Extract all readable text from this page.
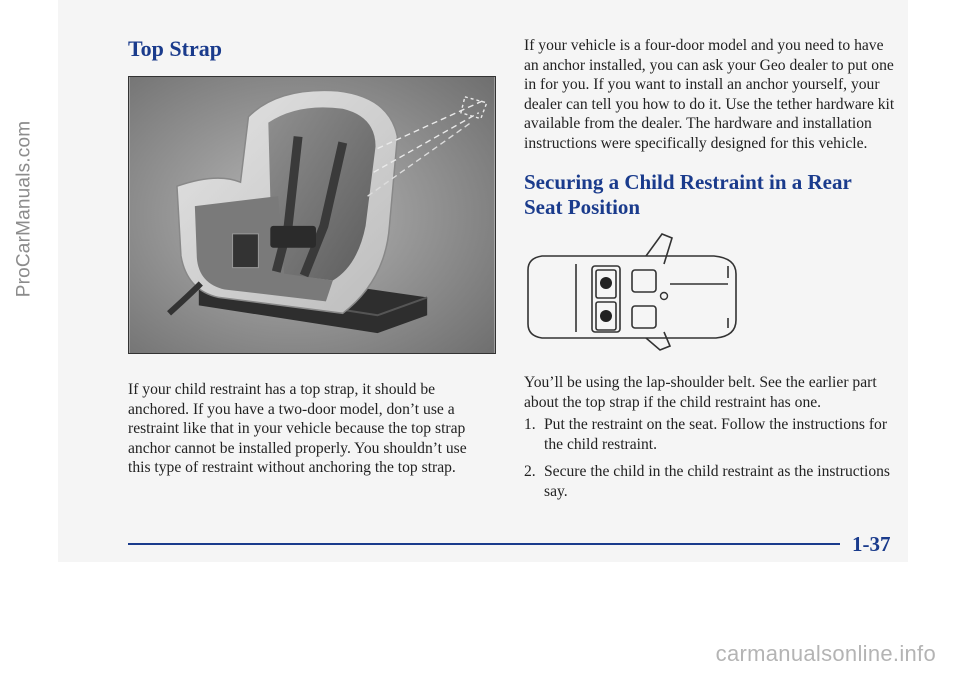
ProCarManuals.com
Top Strap

If your child restraint has a top strap, it should be anchored. If you have a two-door model, don’t use a restraint like that in your vehicle because the top strap anchor cannot be installed properly. You shouldn’t use this type of restraint without anchoring the top strap.

If your vehicle is a four-door model and you need to have an anchor installed, you can ask your Geo dealer to put one in for you. If you want to install an anchor yourself, your dealer can tell you how to do it. Use the tether hardware kit available from the dealer. The hardware and installation instructions were specifically designed for this vehicle.

Securing a Child Restraint in a Rear Seat Position

You’ll be using the lap-shoulder belt. See the earlier part about the top strap if the child restraint has one.

1. Put the restraint on the seat. Follow the instructions for the child restraint.
2. Secure the child in the child restraint as the instructions say.
1-37
carmanualsonline.info
